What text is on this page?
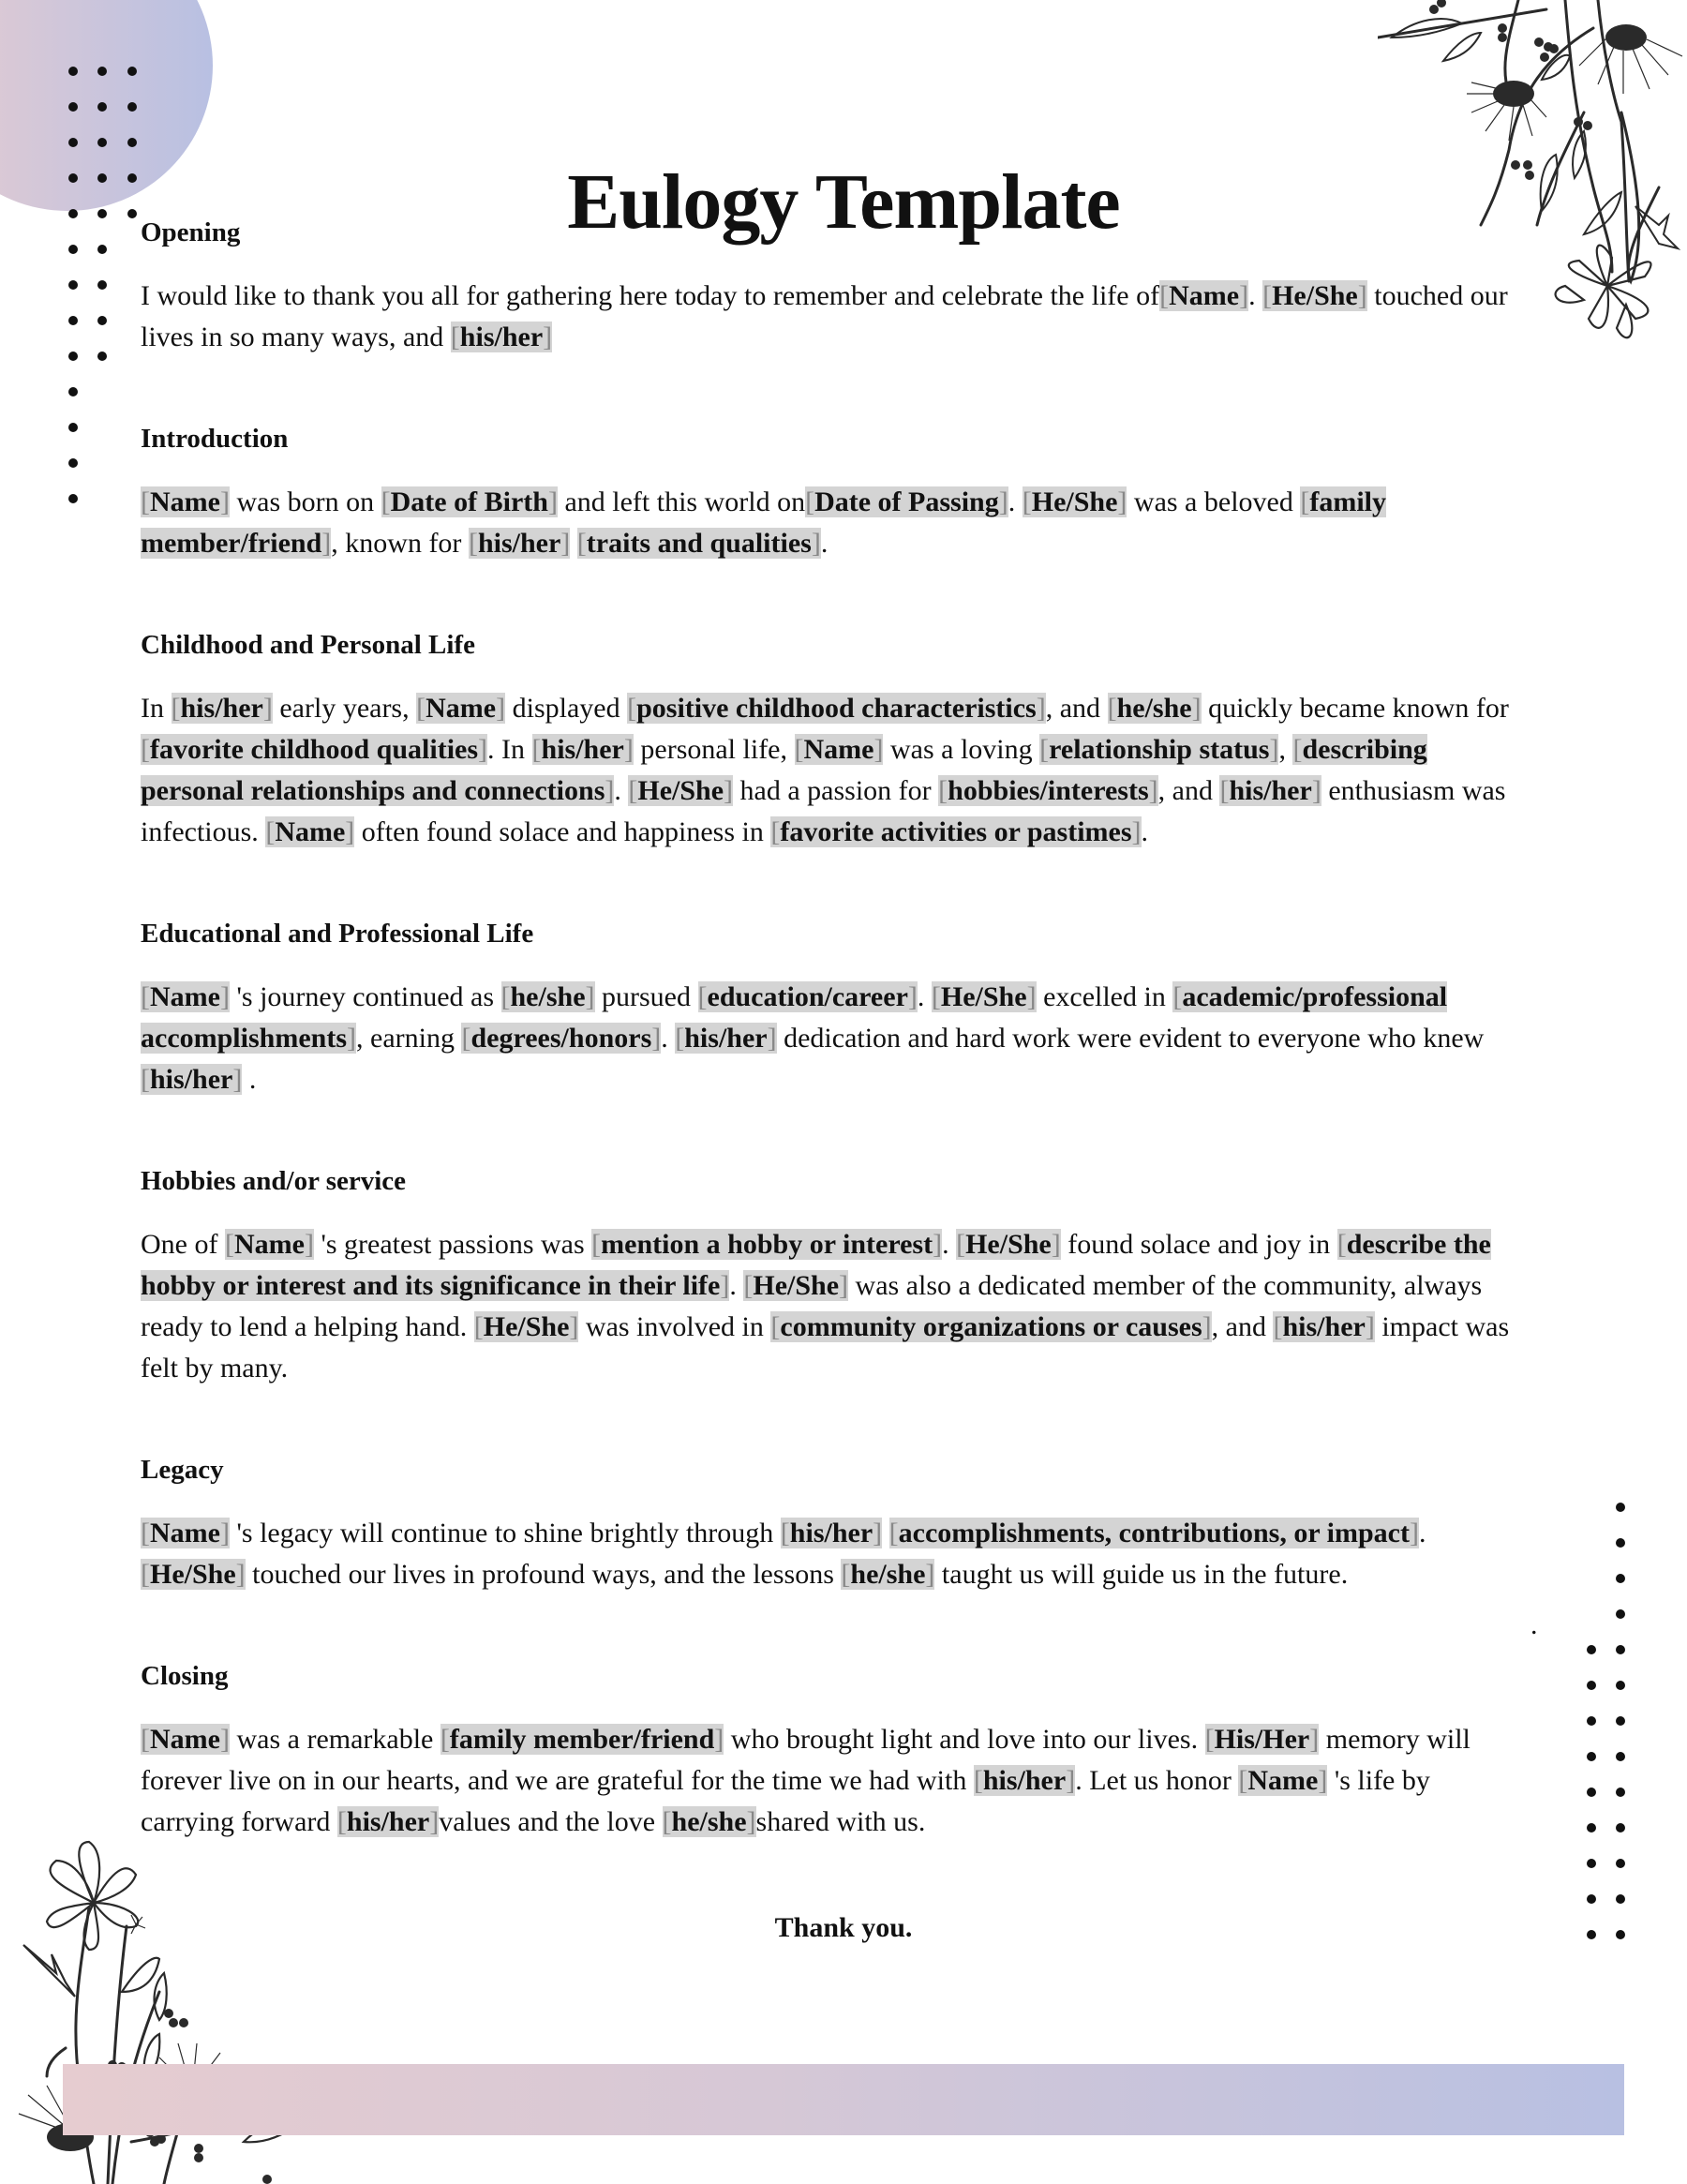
Eulogy Template
Opening

I would like to thank you all for gathering here today to remember and celebrate the life of[Name]. [He/She] touched our lives in so many ways, and [his/her]

Introduction

[Name] was born on [Date of Birth] and left this world on[Date of Passing]. [He/She] was a beloved [family member/friend], known for [his/her] [traits and qualities].

Childhood and Personal Life

In [his/her] early years, [Name] displayed [positive childhood characteristics], and [he/she] quickly became known for [favorite childhood qualities]. In [his/her] personal life, [Name] was a loving [relationship status], [describing personal relationships and connections]. [He/She] had a passion for [hobbies/interests], and [his/her] enthusiasm was infectious. [Name] often found solace and happiness in [favorite activities or pastimes].

Educational and Professional Life

[Name] 's journey continued as [he/she] pursued [education/career]. [He/She] excelled in [academic/professional accomplishments], earning [degrees/honors]. [his/her] dedication and hard work were evident to everyone who knew [his/her] .

Hobbies and/or service

One of [Name] 's greatest passions was [mention a hobby or interest]. [He/She] found solace and joy in [describe the hobby or interest and its significance in their life]. [He/She] was also a dedicated member of the community, always ready to lend a helping hand. [He/She] was involved in [community organizations or causes], and [his/her] impact was felt by many.

Legacy

[Name] 's legacy will continue to shine brightly through [his/her] [accomplishments, contributions, or impact]. [He/She] touched our lives in profound ways, and the lessons [he/she] taught us will guide us in the future.

Closing

[Name] was a remarkable [family member/friend] who brought light and love into our lives. [His/Her] memory will forever live on in our hearts, and we are grateful for the time we had with [his/her]. Let us honor [Name] 's life by carrying forward [his/her]values and the love [he/she]shared with us.

.
Thank you.
